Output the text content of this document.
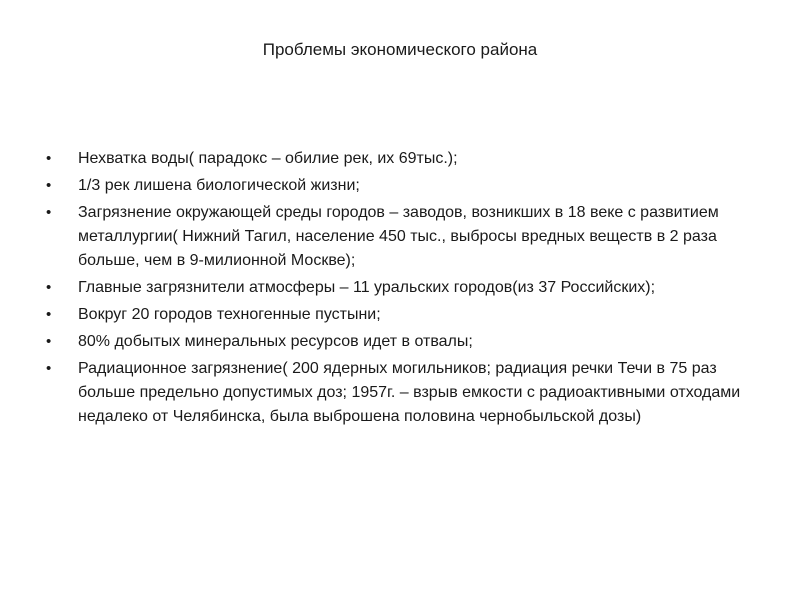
Проблемы экономического района
• Нехватка воды( парадокс – обилие рек, их 69тыс.);
• 1/3 рек лишена биологической жизни;
• Загрязнение окружающей среды городов – заводов, возникших в 18 веке с развитием металлургии( Нижний Тагил, население 450 тыс., выбросы вредных веществ в 2 раза больше, чем в 9-милионной Москве);
• Главные загрязнители атмосферы – 11 уральских городов(из 37 Российских);
• Вокруг 20 городов техногенные пустыни;
• 80% добытых минеральных ресурсов идет в отвалы;
• Радиационное загрязнение( 200 ядерных могильников; радиация речки Течи в 75 раз больше предельно допустимых доз; 1957г. – взрыв емкости с радиоактивными отходами недалеко от Челябинска, была выброшена половина чернобыльской дозы)
